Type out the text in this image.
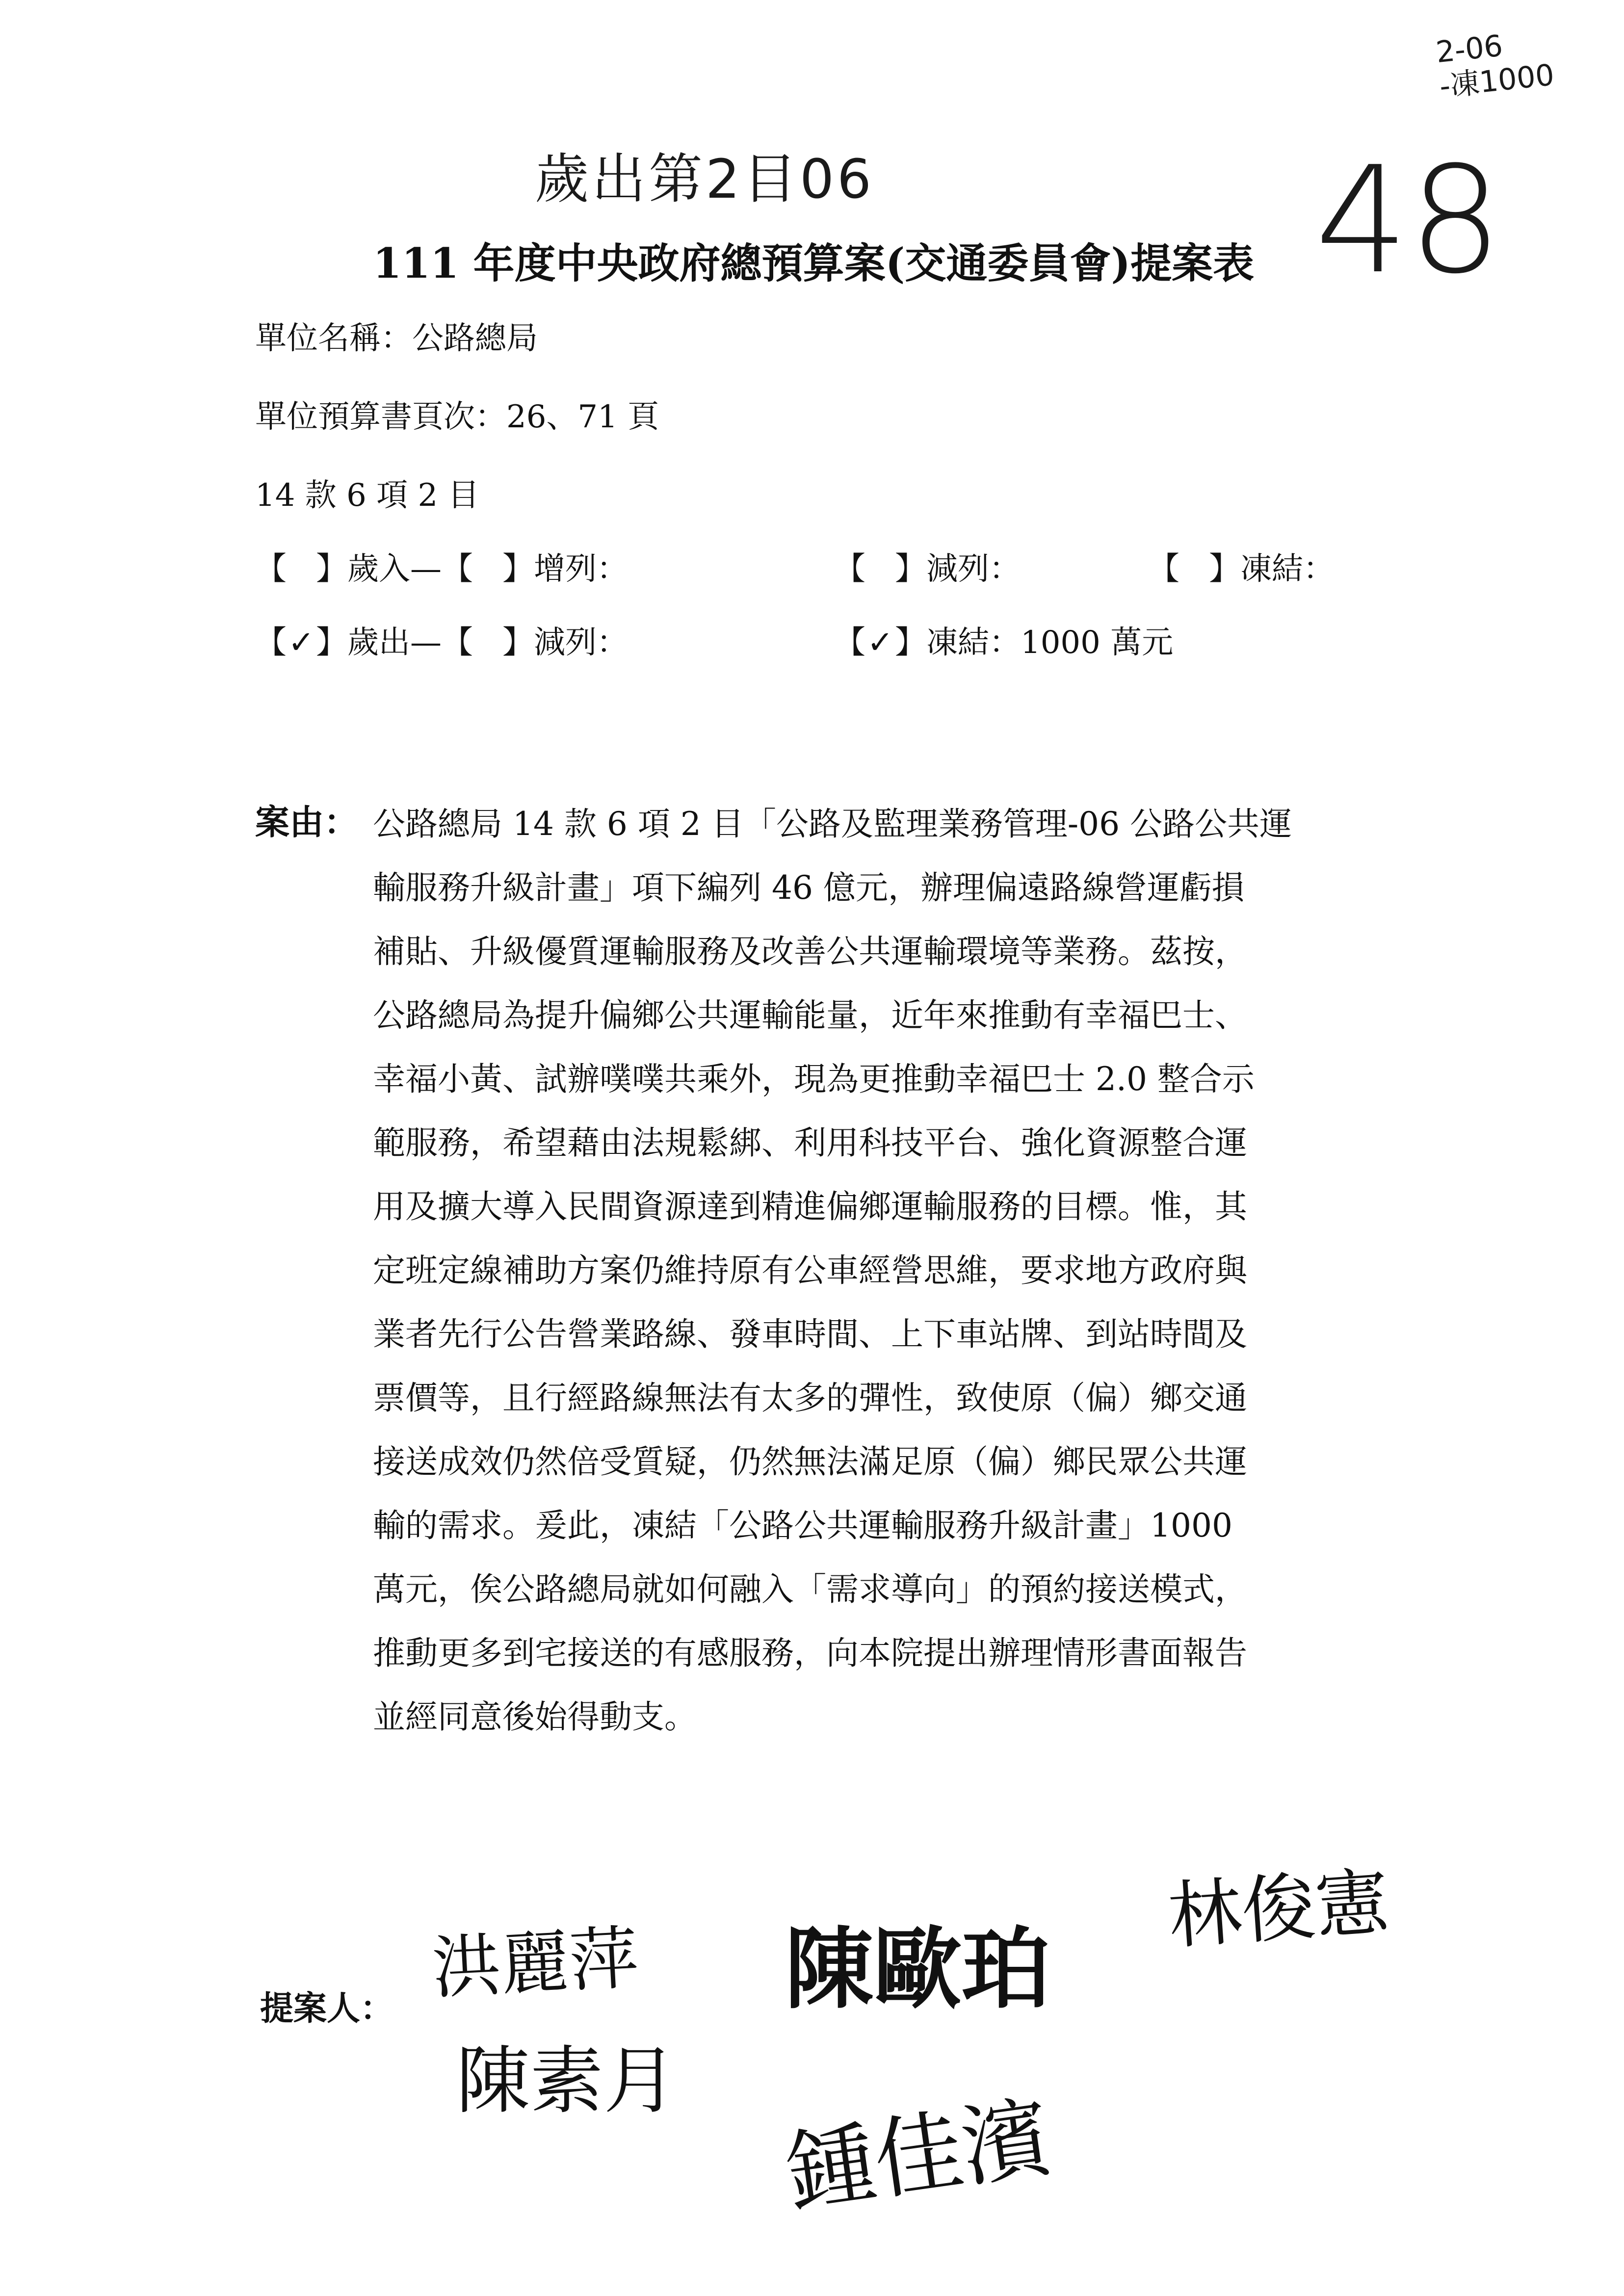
2-06
-凍1000
48
歲出第2目06
111 年度中央政府總預算案(交通委員會)提案表
單位名稱：公路總局
單位預算書頁次：26、71 頁
14 款 6 項 2 目
【 】歲入—【 】增列：	【 】減列：	【 】凍結：
【✓】歲出—【 】減列：	【✓】凍結：1000 萬元
案由： 公路總局 14 款 6 項 2 目「公路及監理業務管理-06 公路公共運
輸服務升級計畫」項下編列 46 億元，辦理偏遠路線營運虧損
補貼、升級優質運輸服務及改善公共運輸環境等業務。茲按，
公路總局為提升偏鄉公共運輸能量，近年來推動有幸福巴士、
幸福小黃、試辦噗噗共乘外，現為更推動幸福巴士 2.0 整合示
範服務，希望藉由法規鬆綁、利用科技平台、強化資源整合運
用及擴大導入民間資源達到精進偏鄉運輸服務的目標。惟，其
定班定線補助方案仍維持原有公車經營思維，要求地方政府與
業者先行公告營業路線、發車時間、上下車站牌、到站時間及
票價等，且行經路線無法有太多的彈性，致使原（偏）鄉交通
接送成效仍然倍受質疑，仍然無法滿足原（偏）鄉民眾公共運
輸的需求。爰此，凍結「公路公共運輸服務升級計畫」1000
萬元，俟公路總局就如何融入「需求導向」的預約接送模式，
推動更多到宅接送的有感服務，向本院提出辦理情形書面報告
並經同意後始得動支。
提案人： 洪麗萍 陳歐珀
林俊憲
陳素月
鍾佳濱
